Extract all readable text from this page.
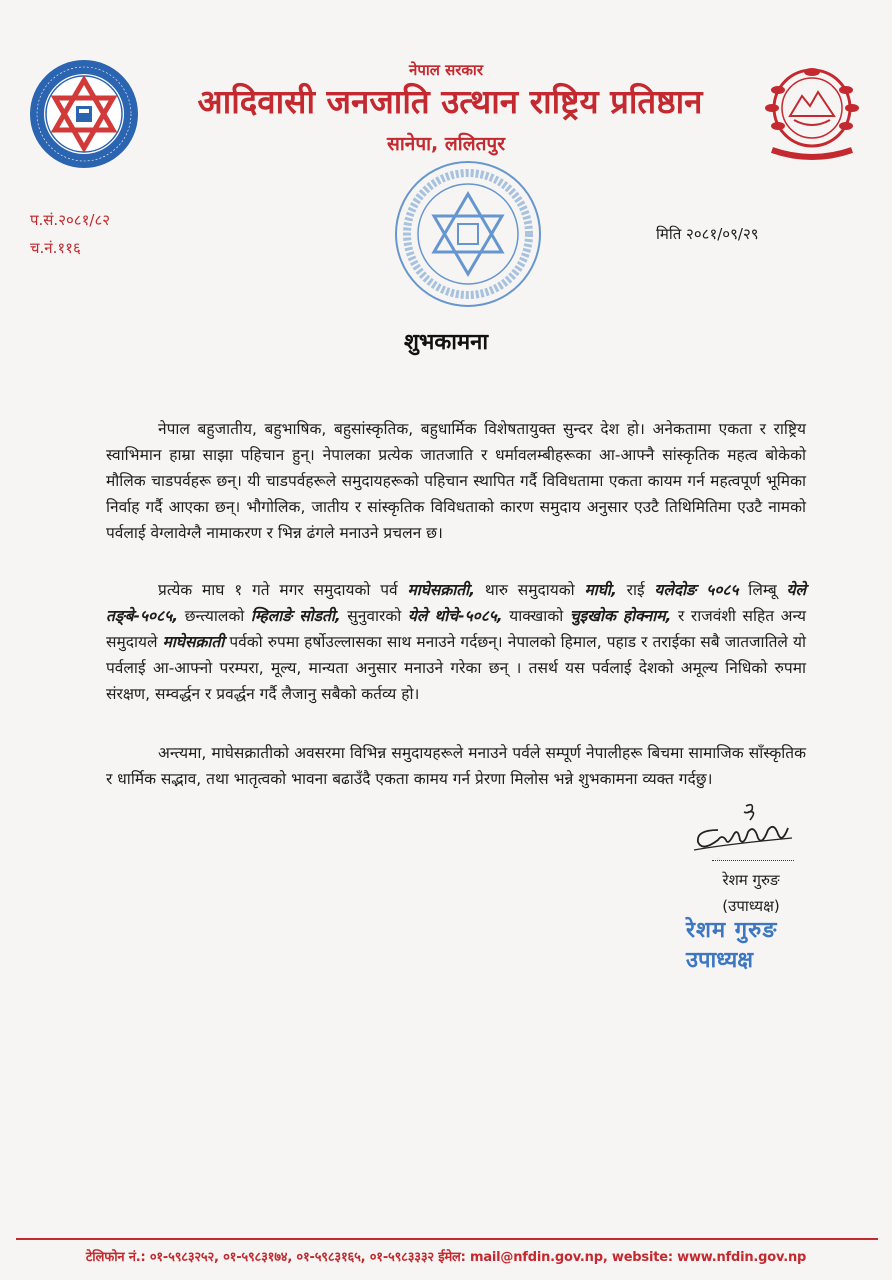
नेपाल सरकार
आदिवासी जनजाति उत्थान राष्ट्रिय प्रतिष्ठान
सानेपा, ललितपुर
प.सं.२०८१/८२
च.नं.११६
मिति २०८१/०९/२९
शुभकामना

नेपाल बहुजातीय, बहुभाषिक, बहुसांस्कृतिक, बहुधार्मिक विशेषतायुक्त सुन्दर देश हो। अनेकतामा एकता र राष्ट्रिय स्वाभिमान हाम्रा साझा पहिचान हुन्। नेपालका प्रत्येक जातजाति र धर्मावलम्बीहरूका आ-आफ्नै सांस्कृतिक महत्व बोकेको मौलिक चाडपर्वहरू छन्। यी चाडपर्वहरूले समुदायहरूको पहिचान स्थापित गर्दै विविधतामा एकता कायम गर्न महत्वपूर्ण भूमिका निर्वाह गर्दै आएका छन्। भौगोलिक, जातीय र सांस्कृतिक विविधताको कारण समुदाय अनुसार एउटै तिथिमितिमा एउटै नामको पर्वलाई वेग्लावेग्लै नामाकरण र भिन्न ढंगले मनाउने प्रचलन छ।

प्रत्येक माघ १ गते मगर समुदायको पर्व माघेसक्राती, थारु समुदायको माघी, राई यलेदोङ ५०८५ लिम्बू येले तङ्बे-५०८५, छन्त्यालको म्हिलाङे सोडती, सुनुवारको येले थोचे-५०८५, याक्खाको चुइखोक होक्नाम, र राजवंशी सहित अन्य समुदायले माघेसक्राती पर्वको रुपमा हर्षोउल्लासका साथ मनाउने गर्दछन्। नेपालको हिमाल, पहाड र तराईका सबै जातजातिले यो पर्वलाई आ-आफ्नो परम्परा, मूल्य, मान्यता अनुसार मनाउने गरेका छन् । तसर्थ यस पर्वलाई देशको अमूल्य निधिको रुपमा संरक्षण, सम्वर्द्धन र प्रवर्द्धन गर्दै लैजानु सबैको कर्तव्य हो।

अन्त्यमा, माघेसक्रातीको अवसरमा विभिन्न समुदायहरूले मनाउने पर्वले सम्पूर्ण नेपालीहरू बिचमा सामाजिक साँस्कृतिक र धार्मिक सद्भाव, तथा भातृत्वको भावना बढाउँदै एकता कामय गर्न प्रेरणा मिलोस भन्ने शुभकामना व्यक्त गर्दछु।

रेशम गुरुङ
(उपाध्यक्ष)
रेशम गुरुङ
उपाध्यक्ष
टेलिफोन नं.: ०१-५९८३२५२, ०१-५९८३१७४, ०१-५९८३१६५, ०१-५९८३३३२ ईमेल: mail@nfdin.gov.np, website: www.nfdin.gov.np
